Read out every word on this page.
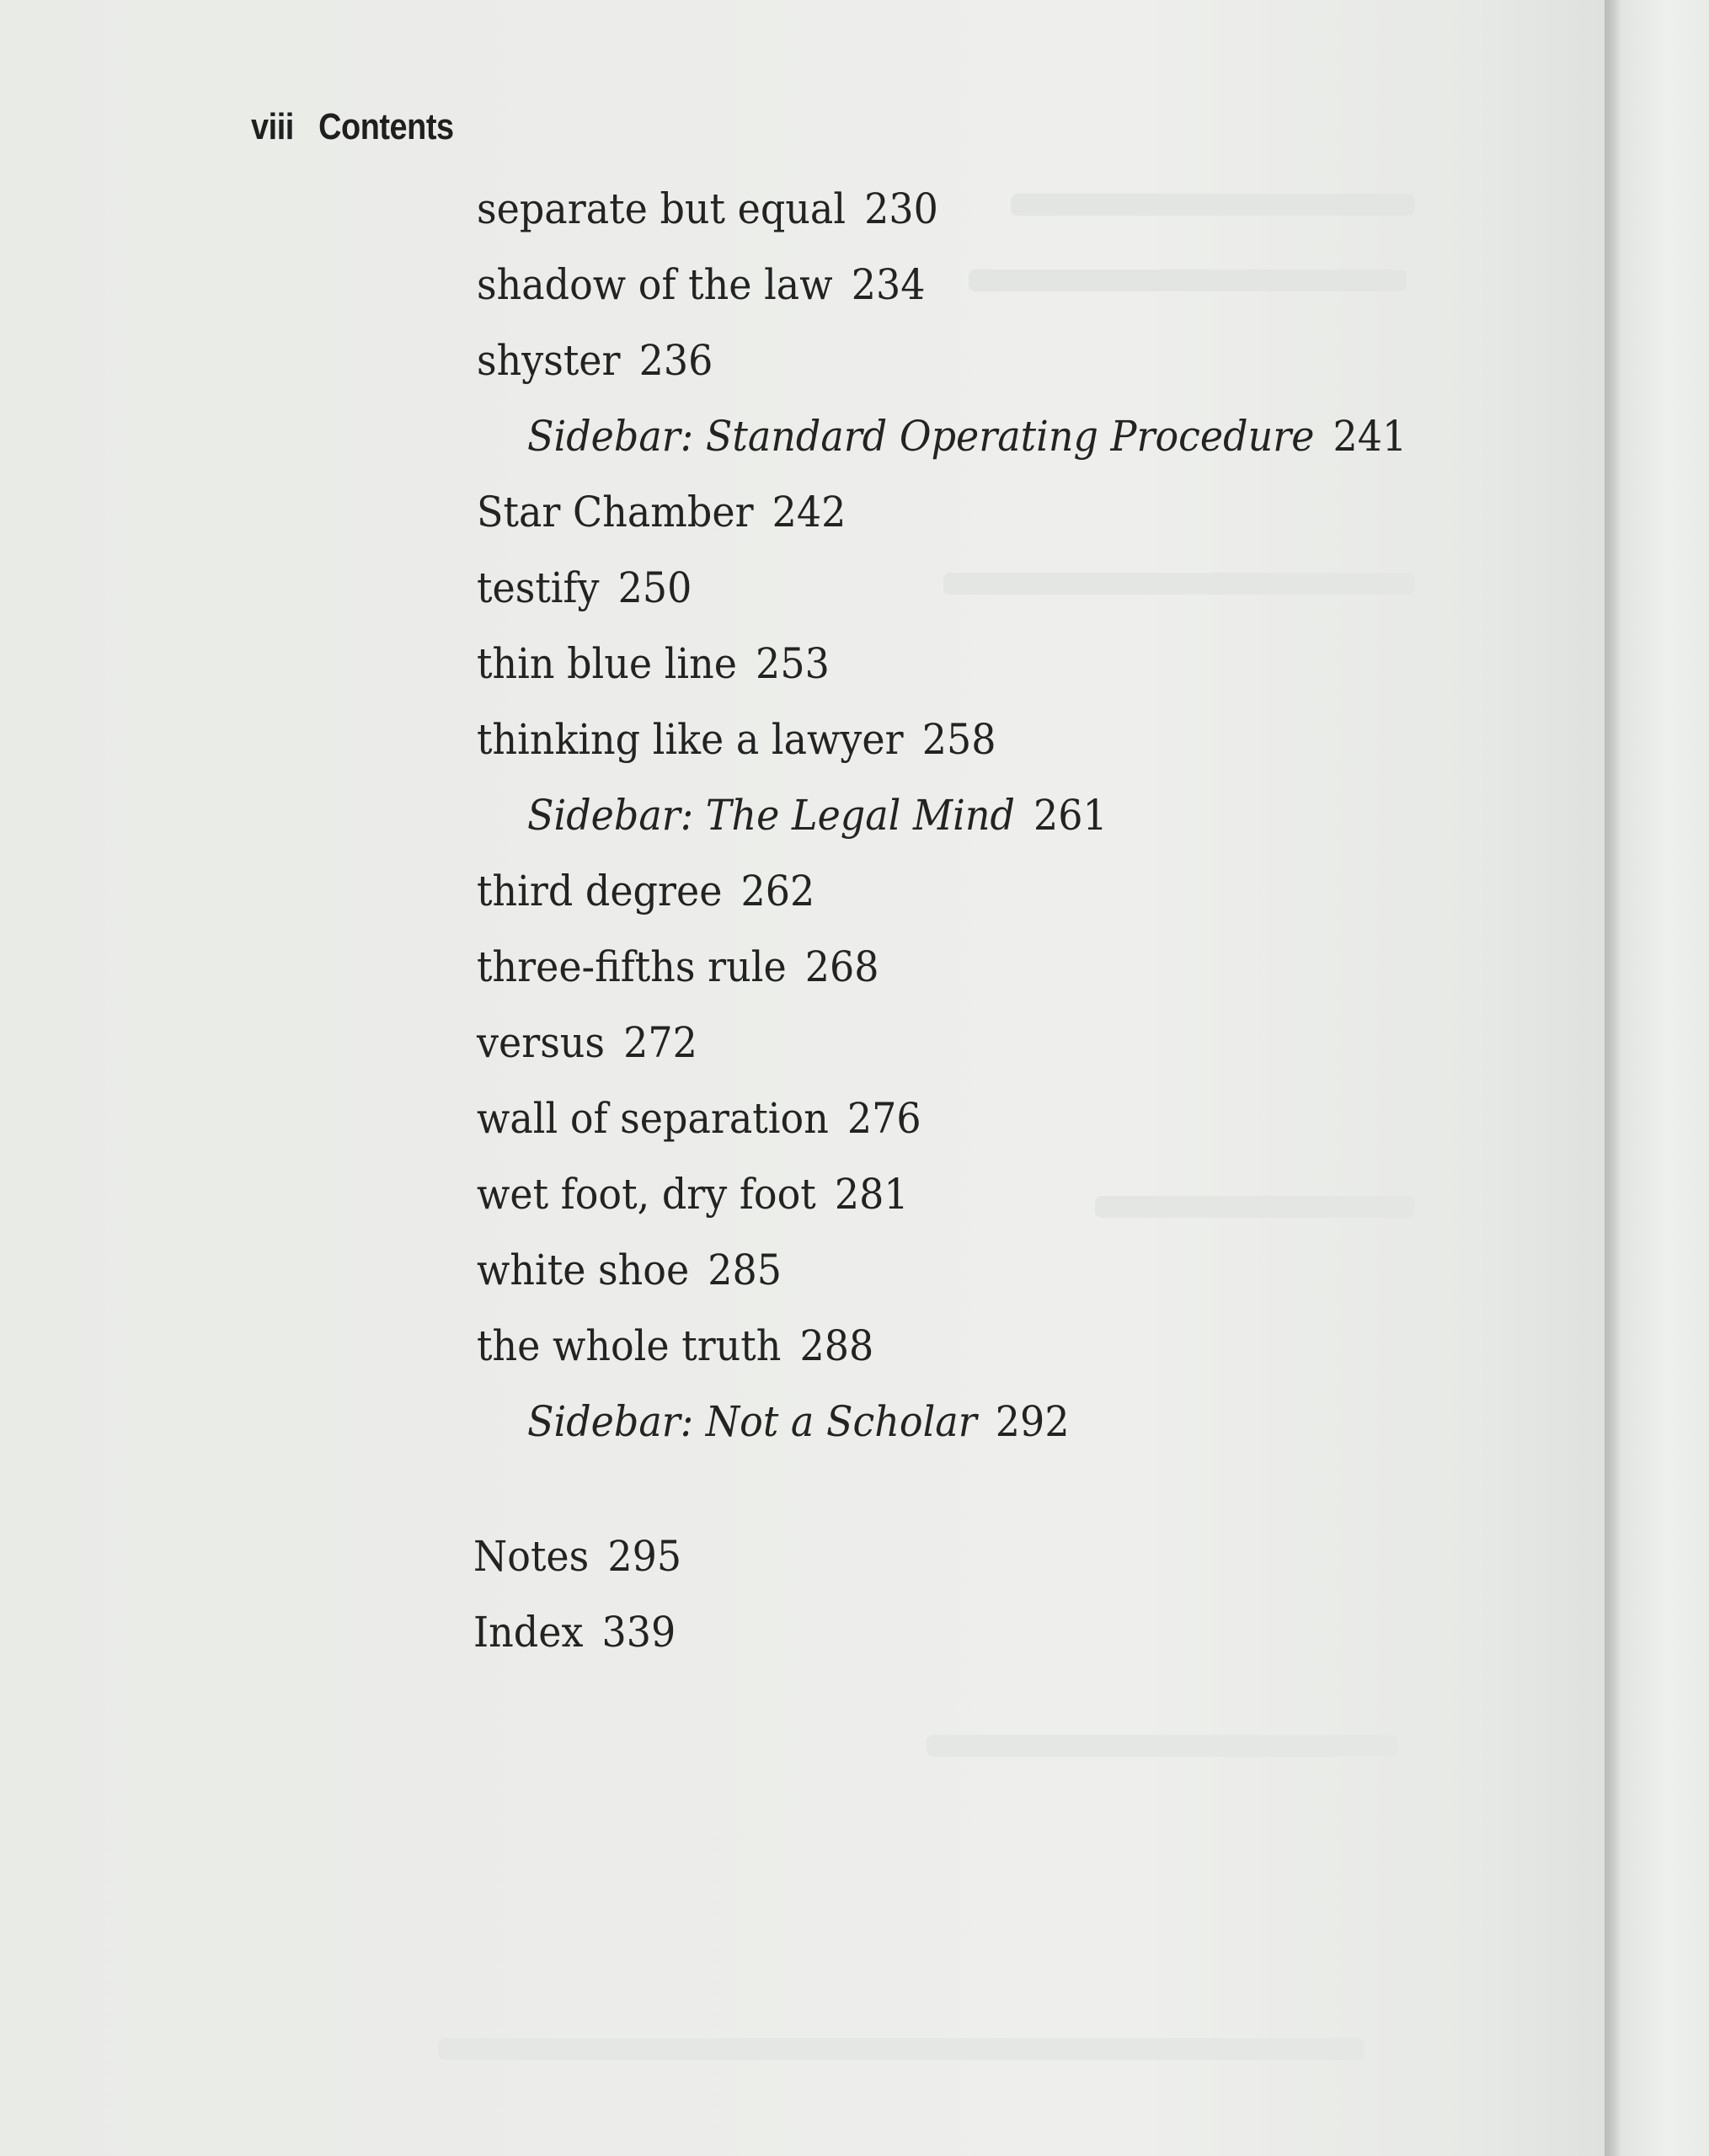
viii Contents
separate but equal 230
shadow of the law 234
shyster 236
Sidebar: Standard Operating Procedure 241
Star Chamber 242
testify 250
thin blue line 253
thinking like a lawyer 258
Sidebar: The Legal Mind 261
third degree 262
three-fifths rule 268
versus 272
wall of separation 276
wet foot, dry foot 281
white shoe 285
the whole truth 288
Sidebar: Not a Scholar 292
Notes 295
Index 339
